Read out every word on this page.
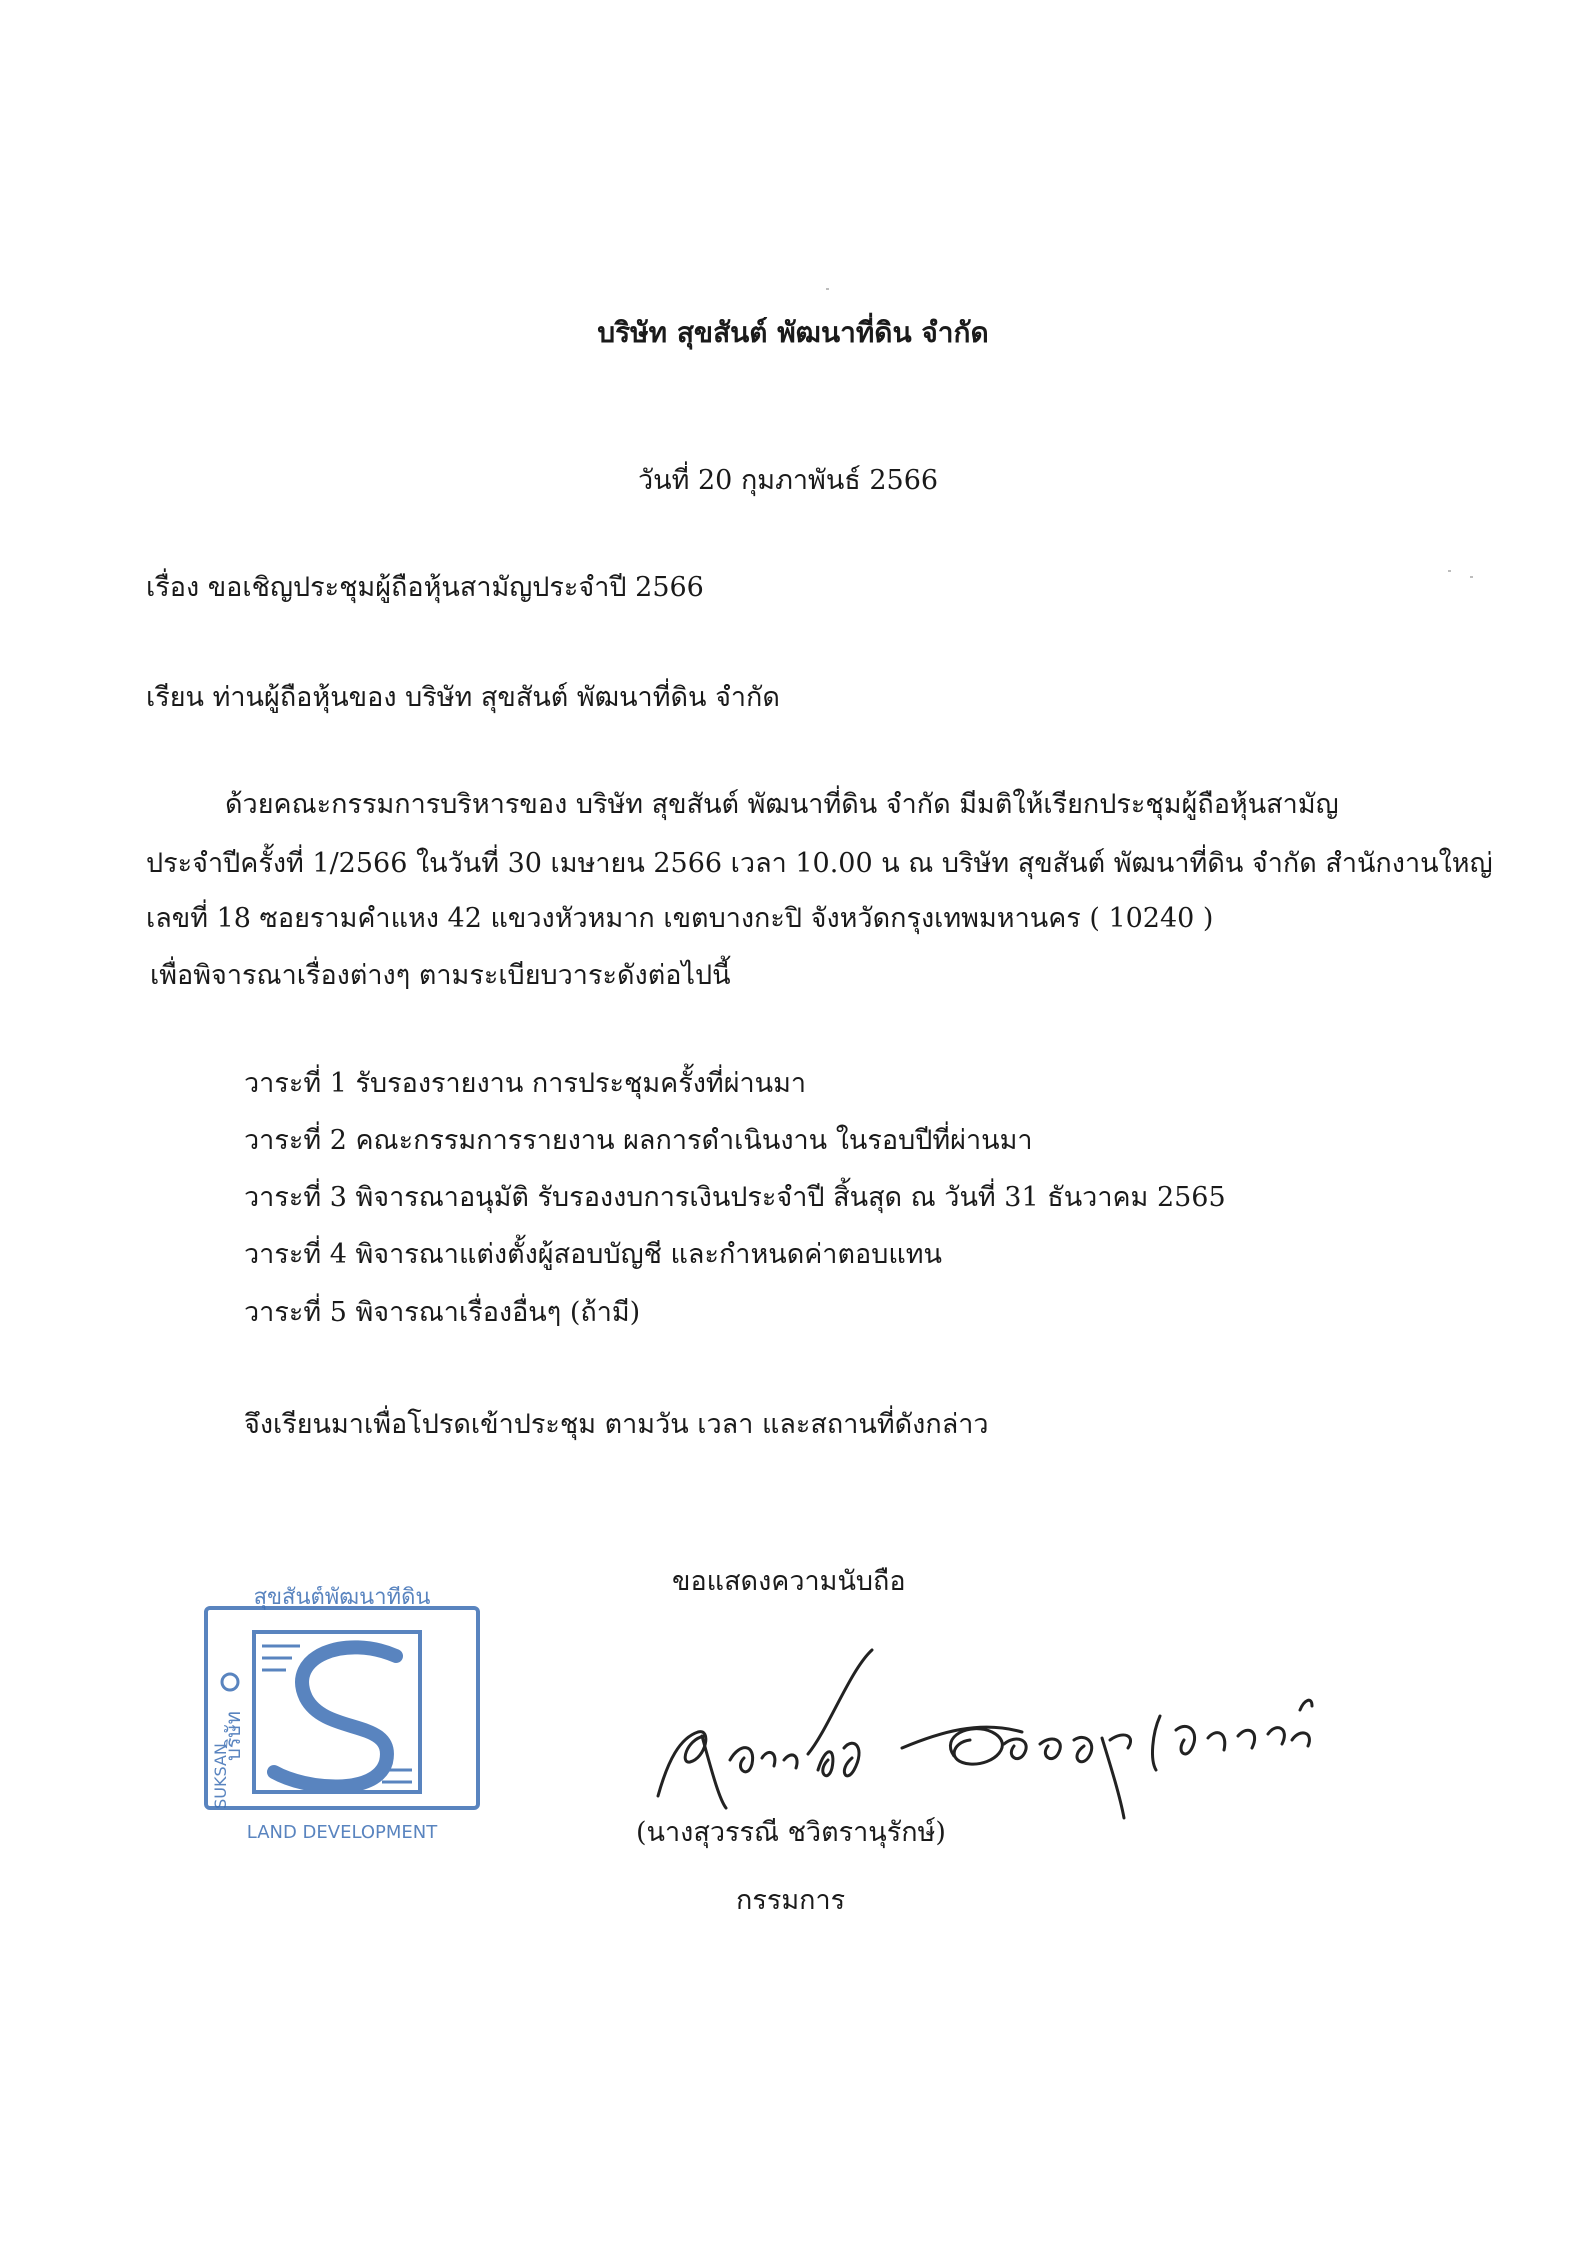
บริษัท สุขสันต์ พัฒนาที่ดิน จำกัด
วันที่ 20 กุมภาพันธ์ 2566
เรื่อง ขอเชิญประชุมผู้ถือหุ้นสามัญประจำปี 2566
เรียน ท่านผู้ถือหุ้นของ บริษัท สุขสันต์ พัฒนาที่ดิน จำกัด
ด้วยคณะกรรมการบริหารของ บริษัท สุขสันต์ พัฒนาที่ดิน จำกัด มีมติให้เรียกประชุมผู้ถือหุ้นสามัญ
ประจำปีครั้งที่ 1/2566 ในวันที่ 30 เมษายน 2566 เวลา 10.00 น ณ บริษัท สุขสันต์ พัฒนาที่ดิน จำกัด สำนักงานใหญ่
เลขที่ 18 ซอยรามคำแหง 42 แขวงหัวหมาก เขตบางกะปิ จังหวัดกรุงเทพมหานคร ( 10240 )
เพื่อพิจารณาเรื่องต่างๆ ตามระเบียบวาระดังต่อไปนี้
วาระที่ 1 รับรองรายงาน การประชุมครั้งที่ผ่านมา
วาระที่ 2 คณะกรรมการรายงาน ผลการดำเนินงาน ในรอบปีที่ผ่านมา
วาระที่ 3 พิจารณาอนุมัติ รับรองงบการเงินประจำปี สิ้นสุด ณ วันที่ 31 ธันวาคม 2565
วาระที่ 4 พิจารณาแต่งตั้งผู้สอบบัญชี และกำหนดค่าตอบแทน
วาระที่ 5 พิจารณาเรื่องอื่นๆ (ถ้ามี)
จึงเรียนมาเพื่อโปรดเข้าประชุม ตามวัน เวลา และสถานที่ดังกล่าว
ขอแสดงความนับถือ
สุขสันต์พัฒนาที่ดิน
LAND DEVELOPMENT
บริษัท
SUKSAN
(นางสุวรรณี ชวิตรานุรักษ์)
กรรมการ
